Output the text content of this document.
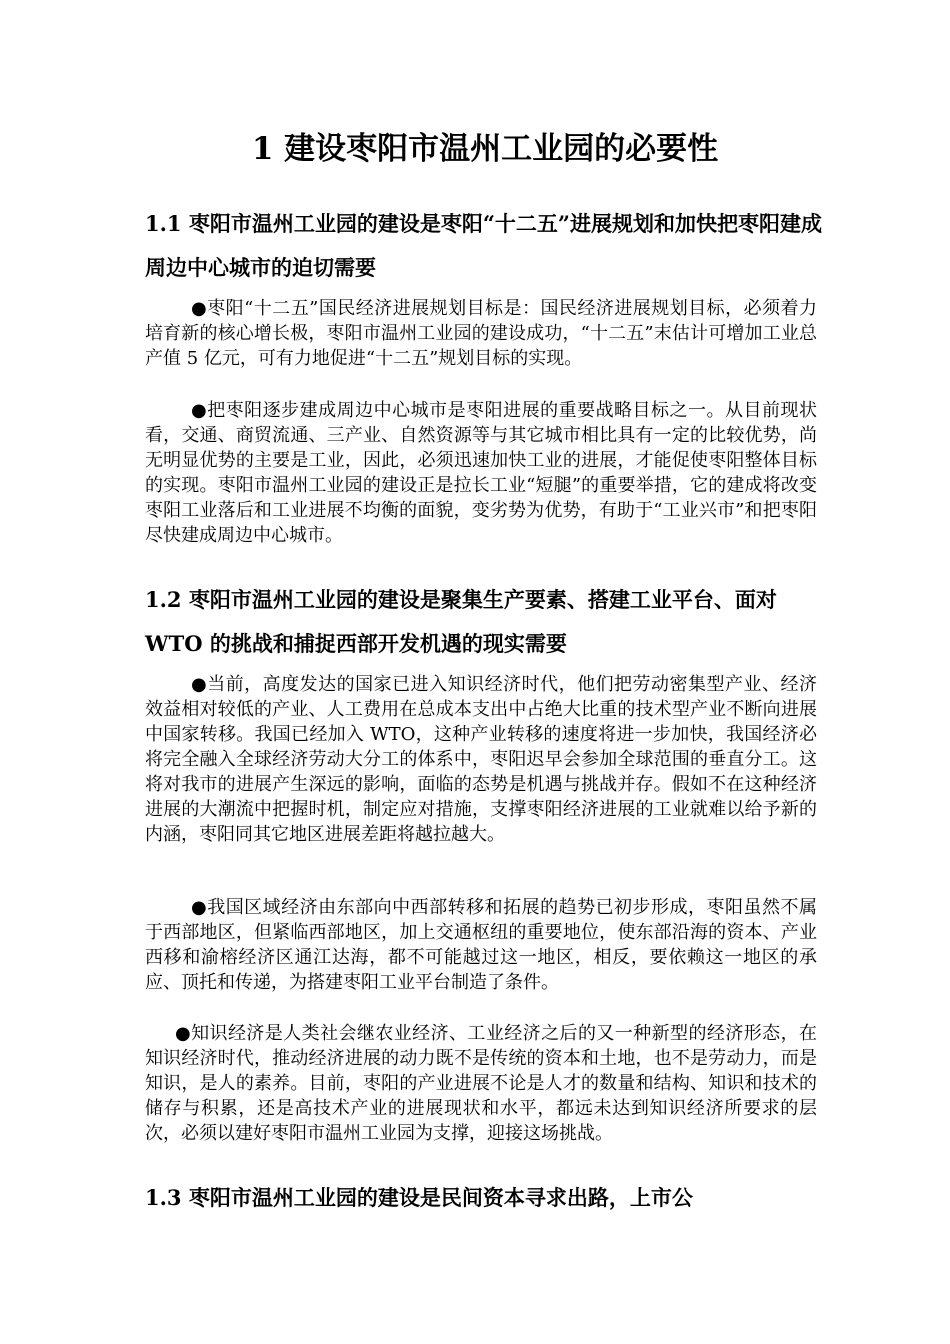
1 建设枣阳市温州工业园的必要性
1.1 枣阳市温州工业园的建设是枣阳“十二五”进展规划和加快把枣阳建成周边中心城市的迫切需要

●枣阳“十二五”国民经济进展规划目标是：国民经济进展规划目标，必须着力培育新的核心增长极，枣阳市温州工业园的建设成功，“十二五”末估计可增加工业总产值 5 亿元，可有力地促进“十二五”规划目标的实现。

●把枣阳逐步建成周边中心城市是枣阳进展的重要战略目标之一。从目前现状看，交通、商贸流通、三产业、自然资源等与其它城市相比具有一定的比较优势，尚无明显优势的主要是工业，因此，必须迅速加快工业的进展，才能促使枣阳整体目标的实现。枣阳市温州工业园的建设正是拉长工业“短腿”的重要举措，它的建成将改变枣阳工业落后和工业进展不均衡的面貌，变劣势为优势，有助于“工业兴市”和把枣阳尽快建成周边中心城市。

1.2 枣阳市温州工业园的建设是聚集生产要素、搭建工业平台、面对 WTO 的挑战和捕捉西部开发机遇的现实需要

●当前，高度发达的国家已进入知识经济时代，他们把劳动密集型产业、经济效益相对较低的产业、人工费用在总成本支出中占绝大比重的技术型产业不断向进展中国家转移。我国已经加入 WTO，这种产业转移的速度将进一步加快，我国经济必将完全融入全球经济劳动大分工的体系中，枣阳迟早会参加全球范围的垂直分工。这将对我市的进展产生深远的影响，面临的态势是机遇与挑战并存。假如不在这种经济进展的大潮流中把握时机，制定应对措施，支撑枣阳经济进展的工业就难以给予新的内涵，枣阳同其它地区进展差距将越拉越大。

●我国区域经济由东部向中西部转移和拓展的趋势已初步形成，枣阳虽然不属于西部地区，但紧临西部地区，加上交通枢纽的重要地位，使东部沿海的资本、产业西移和渝榕经济区通江达海，都不可能越过这一地区，相反，要依赖这一地区的承应、顶托和传递，为搭建枣阳工业平台制造了条件。

●知识经济是人类社会继农业经济、工业经济之后的又一种新型的经济形态，在知识经济时代，推动经济进展的动力既不是传统的资本和土地，也不是劳动力，而是知识，是人的素养。目前，枣阳的产业进展不论是人才的数量和结构、知识和技术的储存与积累，还是高技术产业的进展现状和水平，都远未达到知识经济所要求的层次，必须以建好枣阳市温州工业园为支撑，迎接这场挑战。

1.3 枣阳市温州工业园的建设是民间资本寻求出路，上市公
